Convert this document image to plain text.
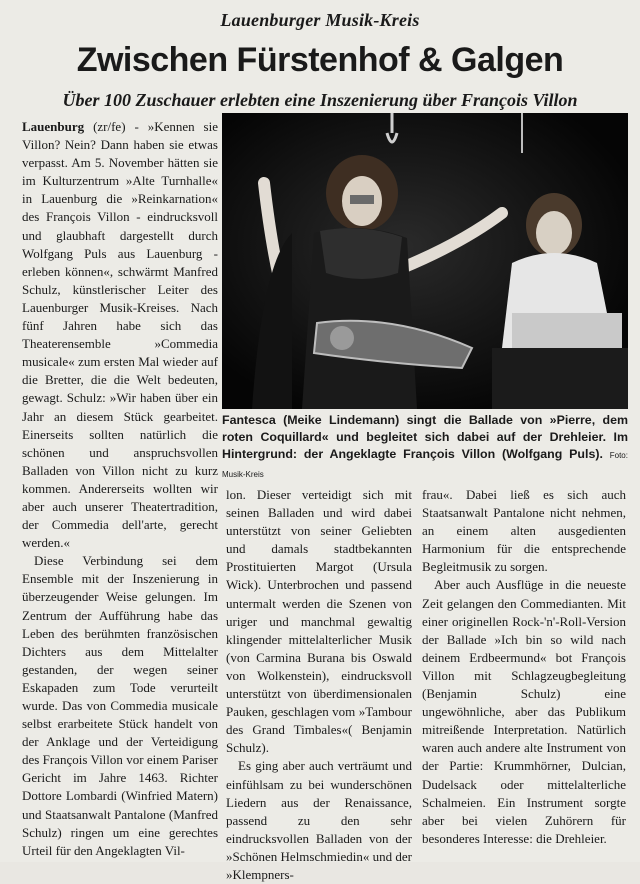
Lauenburger Musik-Kreis
Zwischen Fürstenhof & Galgen
Über 100 Zuschauer erlebten eine Inszenierung über François Villon

Lauenburg (zr/fe) - »Kennen sie Villon? Nein? Dann haben sie etwas verpasst. Am 5. November hätten sie im Kulturzentrum »Alte Turnhalle« in Lauenburg die »Reinkarnation« des François Villon - eindrucksvoll und glaubhaft dargestellt durch Wolfgang Puls aus Lauenburg - erleben können«, schwärmt Manfred Schulz, künstlerischer Leiter des Lauenburger Musik-Kreises. Nach fünf Jahren habe sich das Theaterensemble »Commedia musicale« zum ersten Mal wieder auf die Bretter, die die Welt bedeuten, gewagt. Schulz: »Wir haben über ein Jahr an diesem Stück gearbeitet. Einerseits sollten natürlich die schönen und anspruchsvollen Balladen von Villon nicht zu kurz kommen. Andererseits wollten wir aber auch unserer Theatertradition, der Commedia dell'arte, gerecht werden.«

Diese Verbindung sei dem Ensemble mit der Inszenierung in überzeugender Weise gelungen. Im Zentrum der Aufführung habe das Leben des berühmten französischen Dichters aus dem Mittelalter gestanden, der wegen seiner Eskapaden zum Tode verurteilt wurde. Das von Commedia musicale selbst erarbeitete Stück handelt von der Anklage und der Verteidigung des François Villon vor einem Pariser Gericht im Jahre 1463. Richter Dottore Lombardi (Winfried Matern) und Staatsanwalt Pantalone (Manfred Schulz) ringen um eine gerechtes Urteil für den Angeklagten Vil-

Fantesca (Meike Lindemann) singt die Ballade von »Pierre, dem roten Coquillard« und begleitet sich dabei auf der Drehleier. Im Hintergrund: der Angeklagte François Villon (Wolfgang Puls). Foto: Musik-Kreis

lon. Dieser verteidigt sich mit seinen Balladen und wird dabei unterstützt von seiner Geliebten und damals stadtbekannten Prostituierten Margot (Ursula Wick). Unterbrochen und passend untermalt werden die Szenen von uriger und manchmal gewaltig klingender mittelalterlicher Musik (von Carmina Burana bis Oswald von Wolkenstein), eindrucksvoll unterstützt von überdimensionalen Pauken, geschlagen vom »Tambour des Grand Timbales«( Benjamin Schulz).

Es ging aber auch verträumt und einfühlsam zu bei wunderschönen Liedern aus der Renaissance, passend zu den sehr eindrucksvollen Balladen von der »Schönen Helmschmiedin« und der »Klempners-

frau«. Dabei ließ es sich auch Staatsanwalt Pantalone nicht nehmen, an einem alten ausgedienten Harmonium für die entsprechende Begleitmusik zu sorgen.

Aber auch Ausflüge in die neueste Zeit gelangen den Commedianten. Mit einer originellen Rock-'n'-Roll-Version der Ballade »Ich bin so wild nach deinem Erdbeermund« bot François Villon mit Schlagzeugbegleitung (Benjamin Schulz) eine ungewöhnliche, aber das Publikum mitreißende Interpretation. Natürlich waren auch andere alte Instrument von der Partie: Krummhörner, Dulcian, Dudelsack oder mittelalterliche Schalmeien. Ein Instrument sorgte aber bei vielen Zuhörern für besonderes Interesse: die Drehleier.
